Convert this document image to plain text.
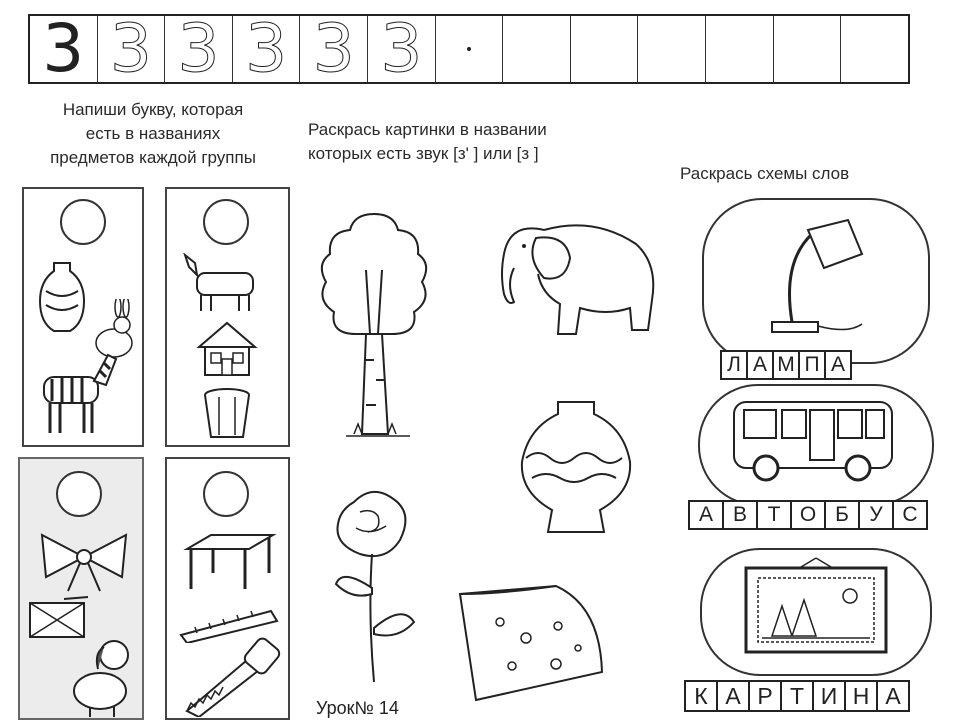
3 3 3 3 3 3
Напиши букву, которая
есть в названиях
предметов каждой группы
Раскрась картинки в названии
которых есть звук [з' ] или [з ]
Раскрась схемы слов
Л А М П А
А В Т О Б У С
К А Р Т И Н А
Урок№ 14
